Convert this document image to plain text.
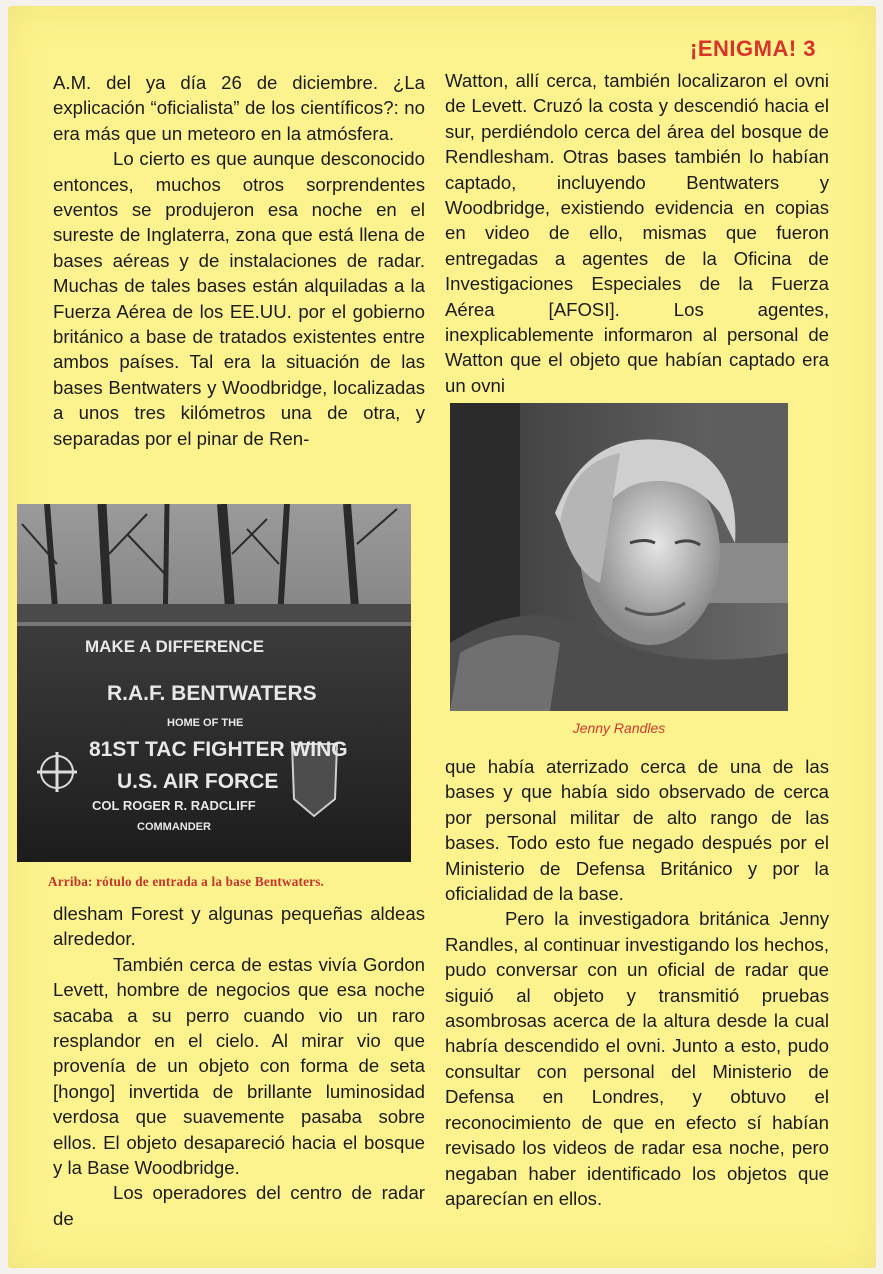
¡ENIGMA! 3

A.M. del ya día 26 de diciembre. ¿La explicación “oficialista” de los científicos?: no era más que un meteoro en la atmósfera.

Lo cierto es que aunque desconocido entonces, muchos otros sorprendentes eventos se produjeron esa noche en el sureste de Inglaterra, zona que está llena de bases aéreas y de instalaciones de radar. Muchas de tales bases están alquiladas a la Fuerza Aérea de los EE.UU. por el gobierno británico a base de tratados existentes entre ambos países. Tal era la situación de las bases Bentwaters y Woodbridge, localizadas a unos tres kilómetros una de otra, y separadas por el pinar de Ren-

MAKE A DIFFERENCE
R.A.F. BENTWATERS
HOME OF THE
81ST TAC FIGHTER WING
U.S. AIR FORCE
COL ROGER R. RADCLIFF
COMMANDER
Arriba: rótulo de entrada a la base Bentwaters.

dlesham Forest y algunas pequeñas aldeas alrededor.

También cerca de estas vivía Gordon Levett, hombre de negocios que esa noche sacaba a su perro cuando vio un raro resplandor en el cielo. Al mirar vio que provenía de un objeto con forma de seta [hongo] invertida de brillante luminosidad verdosa que suavemente pasaba sobre ellos. El objeto desapareció hacia el bosque y la Base Woodbridge.

Los operadores del centro de radar de

Watton, allí cerca, también localizaron el ovni de Levett. Cruzó la costa y descendió hacia el sur, perdiéndolo cerca del área del bosque de Rendlesham. Otras bases también lo habían captado, incluyendo Bentwaters y Woodbridge, existiendo evidencia en copias en video de ello, mismas que fueron entregadas a agentes de la Oficina de Investigaciones Especiales de la Fuerza Aérea [AFOSI]. Los agentes, inexplicablemente informaron al personal de Watton que el objeto que habían captado era un ovni

Jenny Randles

que había aterrizado cerca de una de las bases y que había sido observado de cerca por personal militar de alto rango de las bases. Todo esto fue negado después por el Ministerio de Defensa Británico y por la oficialidad de la base.

Pero la investigadora británica Jenny Randles, al continuar investigando los hechos, pudo conversar con un oficial de radar que siguió al objeto y transmitió pruebas asombrosas acerca de la altura desde la cual habría descendido el ovni. Junto a esto, pudo consultar con personal del Ministerio de Defensa en Londres, y obtuvo el reconocimiento de que en efecto sí habían revisado los videos de radar esa noche, pero negaban haber identificado los objetos que aparecían en ellos.
